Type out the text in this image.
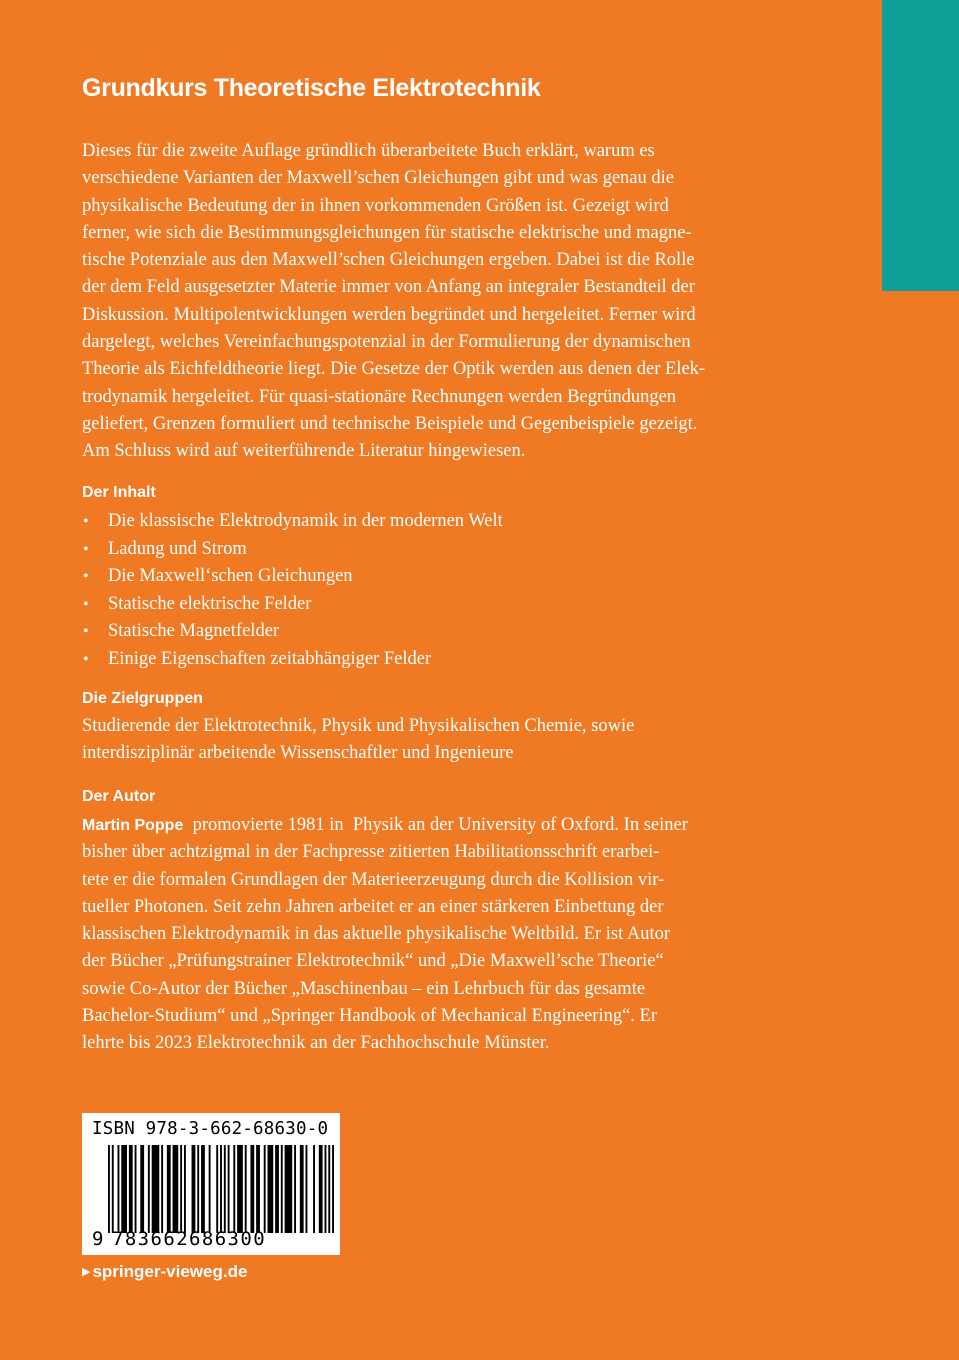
Grundkurs Theoretische Elektrotechnik

Dieses für die zweite Auflage gründlich überarbeitete Buch erklärt, warum es
verschiedene Varianten der Maxwell’schen Gleichungen gibt und was genau die
physikalische Bedeutung der in ihnen vorkommenden Größen ist. Gezeigt wird
ferner, wie sich die Bestimmungsgleichungen für statische elektrische und magne-
tische Potenziale aus den Maxwell’schen Gleichungen ergeben. Dabei ist die Rolle
der dem Feld ausgesetzter Materie immer von Anfang an integraler Bestandteil der
Diskussion. Multipolentwicklungen werden begründet und hergeleitet. Ferner wird
dargelegt, welches Vereinfachungspotenzial in der Formulierung der dynamischen
Theorie als Eichfeldtheorie liegt. Die Gesetze der Optik werden aus denen der Elek-
trodynamik hergeleitet. Für quasi-stationäre Rechnungen werden Begründungen
geliefert, Grenzen formuliert und technische Beispiele und Gegenbeispiele gezeigt.
Am Schluss wird auf weiterführende Literatur hingewiesen.

Der Inhalt
• Die klassische Elektrodynamik in der modernen Welt
• Ladung und Strom
• Die Maxwell‘schen Gleichungen
• Statische elektrische Felder
• Statische Magnetfelder
• Einige Eigenschaften zeitabhängiger Felder
Die Zielgruppen

Studierende der Elektrotechnik, Physik und Physikalischen Chemie, sowie
interdisziplinär arbeitende Wissenschaftler und Ingenieure

Der Autor

Martin Poppe  promovierte 1981 in  Physik an der University of Oxford. In seiner
bisher über achtzigmal in der Fachpresse zitierten Habilitationsschrift erarbei-
tete er die formalen Grundlagen der Materieerzeugung durch die Kollision vir-
tueller Photonen. Seit zehn Jahren arbeitet er an einer stärkeren Einbettung der
klassischen Elektrodynamik in das aktuelle physikalische Weltbild. Er ist Autor
der Bücher „Prüfungstrainer Elektrotechnik“ und „Die Maxwell’sche Theorie“
sowie Co-Autor der Bücher „Maschinenbau – ein Lehrbuch für das gesamte
Bachelor-Studium“ und „Springer Handbook of Mechanical Engineering“. Er
lehrte bis 2023 Elektrotechnik an der Fachhochschule Münster.

ISBN 978-3-662-68630-0
9 783662686300
▶ springer-vieweg.de
